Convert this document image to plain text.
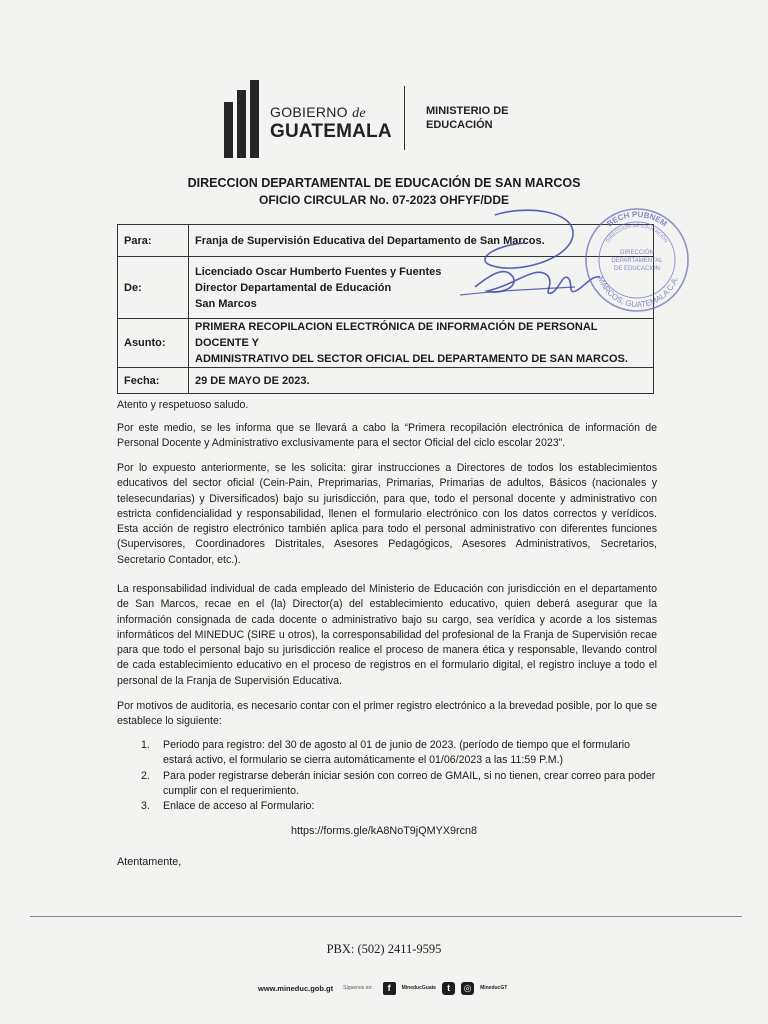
GOBIERNO de
GUATEMALA
MINISTERIO DE
EDUCACIÓN
DIRECCION DEPARTAMENTAL DE EDUCACIÓN DE SAN MARCOS
OFICIO CIRCULAR No. 07-2023 OHFYF/DDE
Para:	Franja de Supervisión Educativa del Departamento de San Marcos.
De:	Licenciado Oscar Humberto Fuentes y Fuentes
Director Departamental de Educación
San Marcos

Asunto:	PRIMERA RECOPILACION ELECTRÓNICA DE INFORMACIÓN DE PERSONAL DOCENTE Y
ADMINISTRATIVO DEL SECTOR OFICIAL DEL DEPARTAMENTO DE SAN MARCOS.

Fecha:	29 DE MAYO DE 2023.
BECH PUBNEM
DIRECCIÓN DE EDUCACIÓN
MARCOS, GUATEMALA C.A.
DIRECCIÓN
DEPARTAMENTAL
DE EDUCACIÓN

Atento y respetuoso saludo.

Por este medio, se les informa que se llevará a cabo la “Primera recopilación electrónica de información de Personal Docente y Administrativo exclusivamente para el sector Oficial del ciclo escolar 2023”.

Por lo expuesto anteriormente, se les solicita: girar instrucciones a Directores de todos los establecimientos educativos del sector oficial (Cein-Pain, Preprimarias, Primarias, Primarias de adultos, Básicos (nacionales y telesecundarias) y Diversificados) bajo su jurisdicción, para que, todo el personal docente y administrativo con estricta confidencialidad y responsabilidad, llenen el formulario electrónico con los datos correctos y verídicos. Esta acción de registro electrónico también aplica para todo el personal administrativo con diferentes funciones (Supervisores, Coordinadores Distritales, Asesores Pedagógicos, Asesores Administrativos, Secretarios, Secretario Contador, etc.).

La responsabilidad individual de cada empleado del Ministerio de Educación con jurisdicción en el departamento de San Marcos, recae en el (la) Director(a) del establecimiento educativo, quien deberá asegurar que la información consignada de cada docente o administrativo bajo su cargo, sea verídica y acorde a los sistemas informáticos del MINEDUC (SIRE u otros), la corresponsabilidad del profesional de la Franja de Supervisión recae para que todo el personal bajo su jurisdicción realice el proceso de manera ética y responsable, llevando control de cada establecimiento educativo en el proceso de registros en el formulario digital, el registro incluye a todo el personal de la Franja de Supervisión Educativa.

Por motivos de auditoria, es necesario contar con el primer registro electrónico a la brevedad posible, por lo que se establece lo siguiente:

1. Periodo para registro: del 30 de agosto al 01 de junio de 2023. (período de tiempo que el formulario estará activo, el formulario se cierra automáticamente el 01/06/2023 a las 11:59 P.M.)
2. Para poder registrarse deberán iniciar sesión con correo de GMAIL, si no tienen, crear correo para poder cumplir con el requerimiento.
3. Enlace de acceso al Formulario:
https://forms.gle/kA8NoT9jQMYX9rcn8
Atentamente,
PBX: (502) 2411-9595
www.mineduc.gob.gt Síguenos en:	f	MineducGuate	t	◎	MineducGT
